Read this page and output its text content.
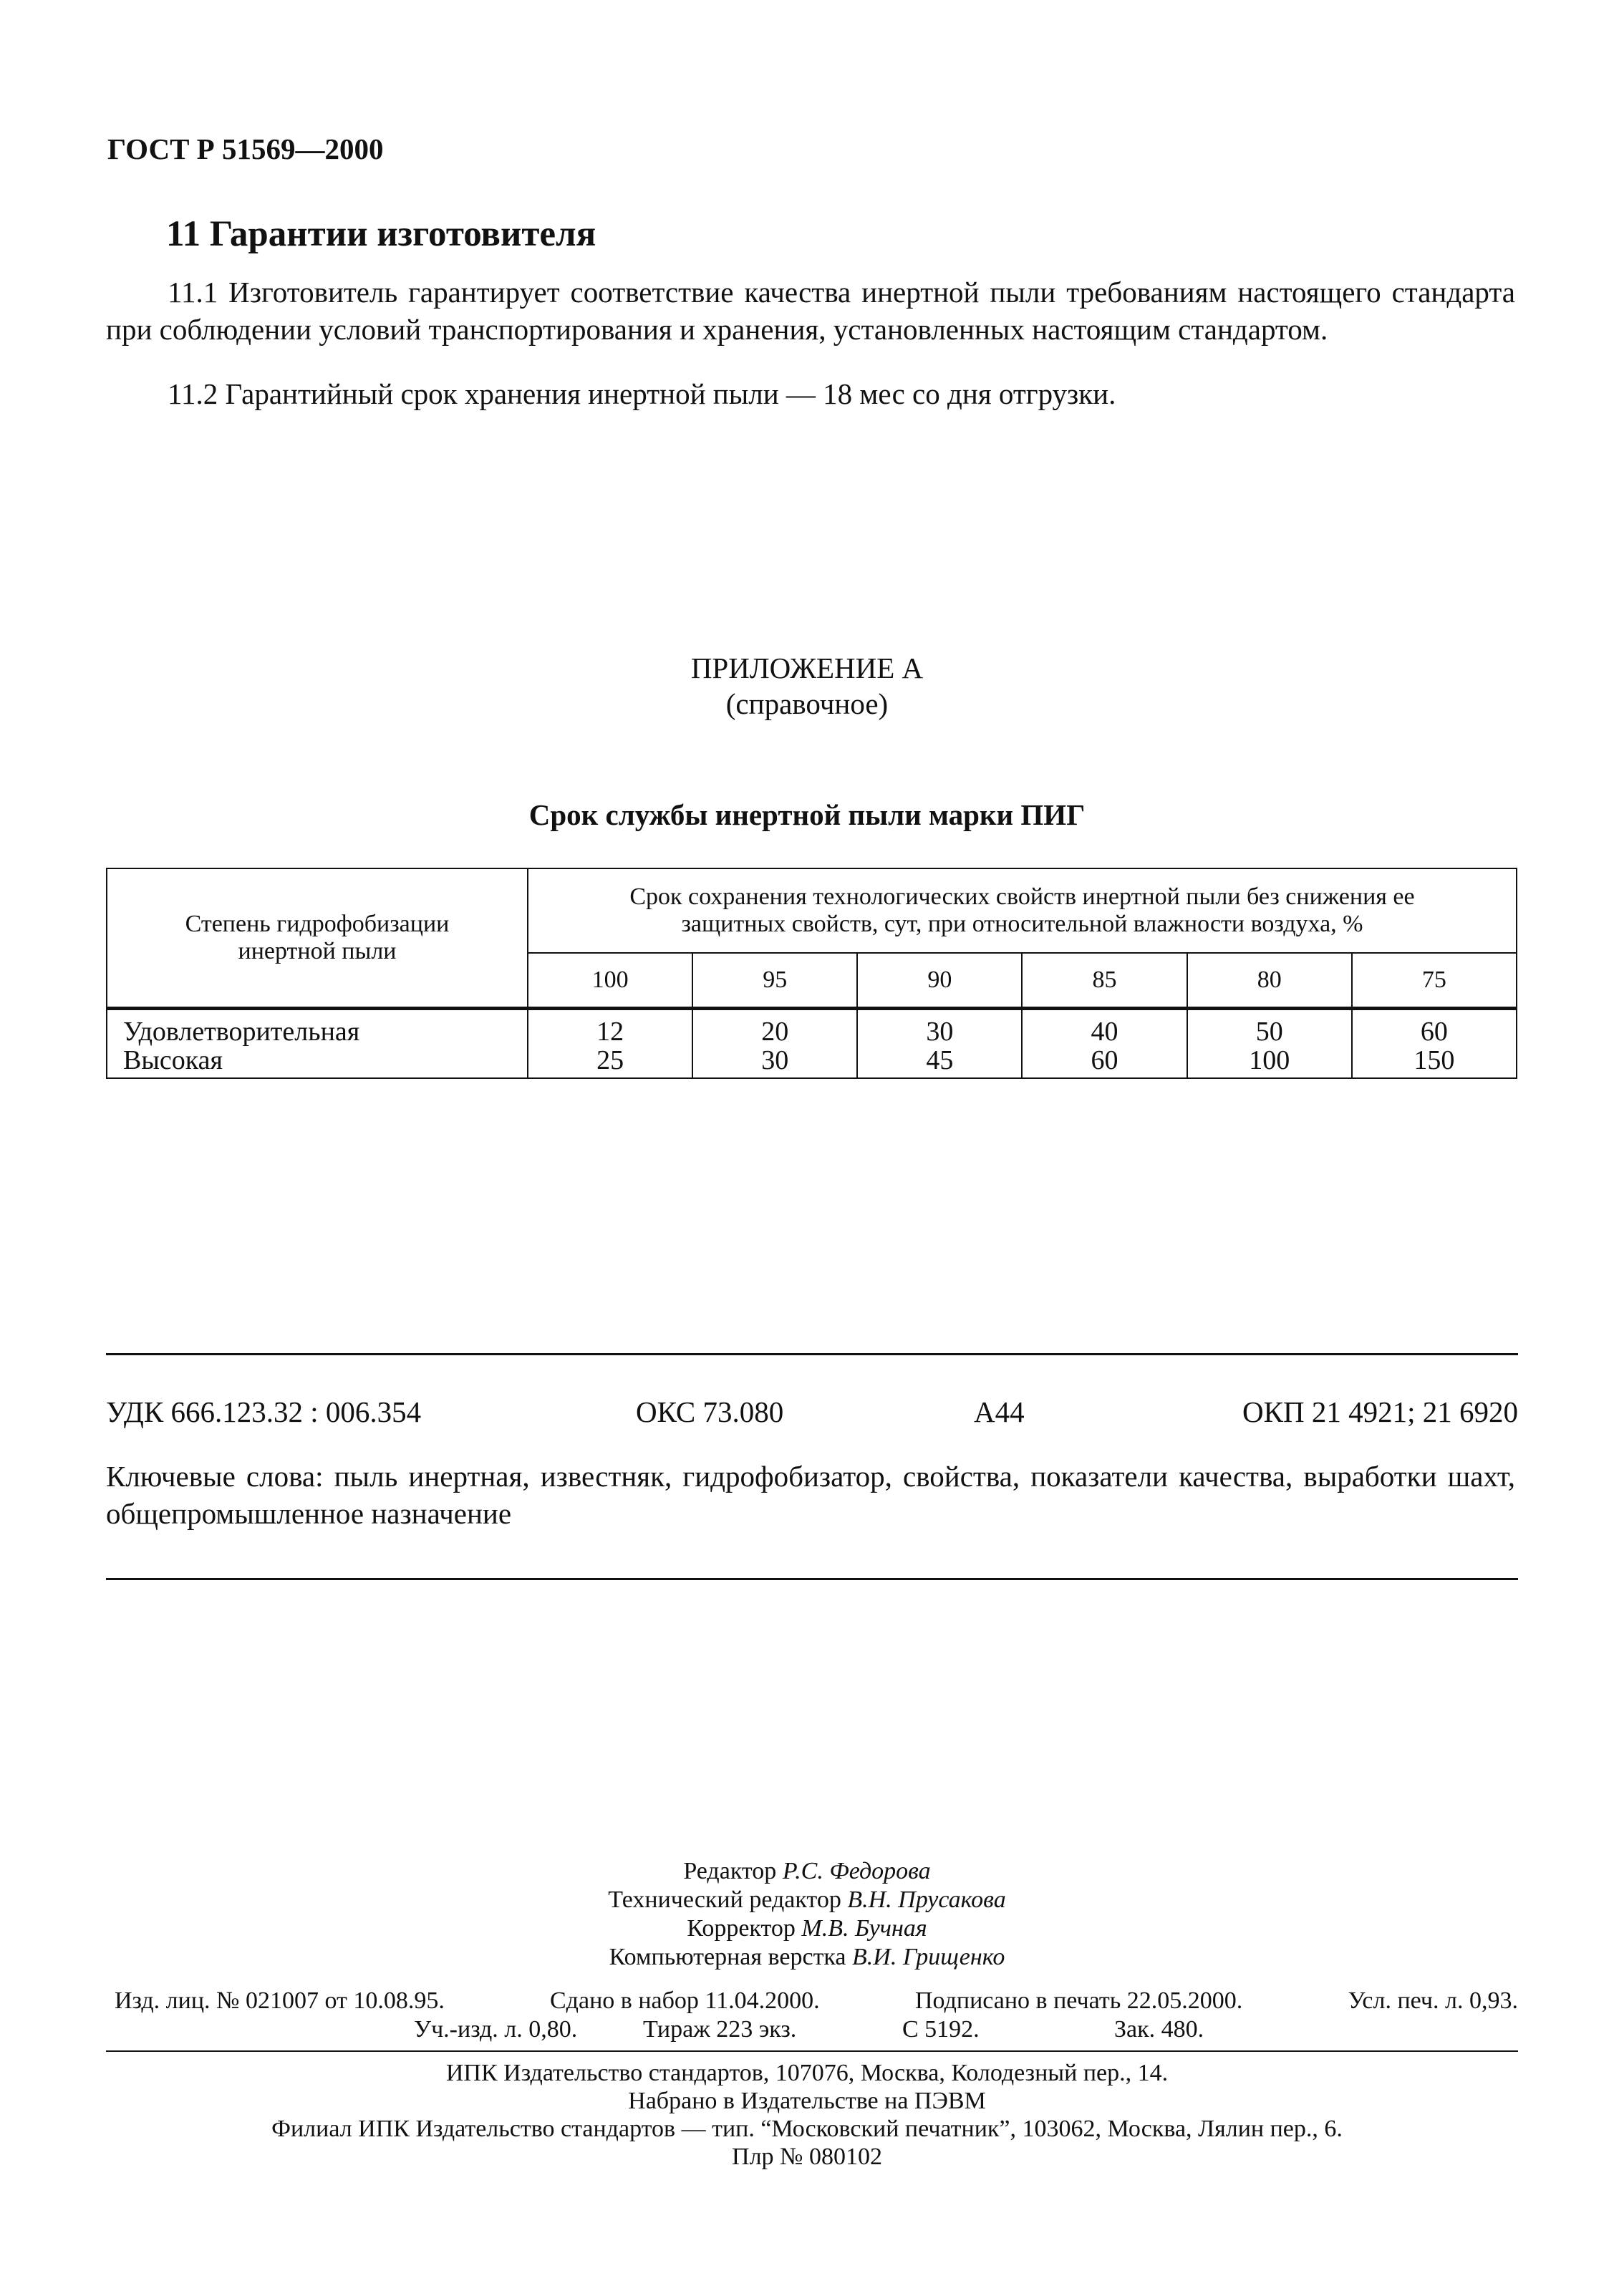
ГОСТ Р 51569—2000
11 Гарантии изготовителя
11.1 Изготовитель гарантирует соответствие качества инертной пыли требованиям настоящего стандарта при соблюдении условий транспортирования и хранения, установленных настоящим стандартом.
11.2 Гарантийный срок хранения инертной пыли — 18 мес со дня отгрузки.
ПРИЛОЖЕНИЕ А
(справочное)
Срок службы инертной пыли марки ПИГ
Степень гидрофобизации инертной пыли	Срок сохранения технологических свойств инертной пыли без снижения ее защитных свойств, сут, при относительной влажности воздуха, %					

	100	95	90	85	80	75
Удовлетворительная	12	20	30	40	50	60
Высокая	25	30	45	60	100	150
УДК 666.123.32 : 006.354	ОКС 73.080	А44	ОКП 21 4921; 21 6920
Ключевые слова: пыль инертная, известняк, гидрофобизатор, свойства, показатели качества, выработки шахт, общепромышленное назначение
Редактор Р.С. Федорова
Технический редактор В.Н. Прусакова
Корректор М.В. Бучная
Компьютерная верстка В.И. Грищенко
Изд. лиц. № 021007 от 10.08.95.	Сдано в набор 11.04.2000.	Подписано в печать 22.05.2000.	Усл. печ. л. 0,93.
Уч.-изд. л. 0,80.	Тираж 223 экз.	С 5192.	Зак. 480.
ИПК Издательство стандартов, 107076, Москва, Колодезный пер., 14.
Набрано в Издательстве на ПЭВМ
Филиал ИПК Издательство стандартов — тип. “Московский печатник”, 103062, Москва, Лялин пер., 6.
Плр № 080102
